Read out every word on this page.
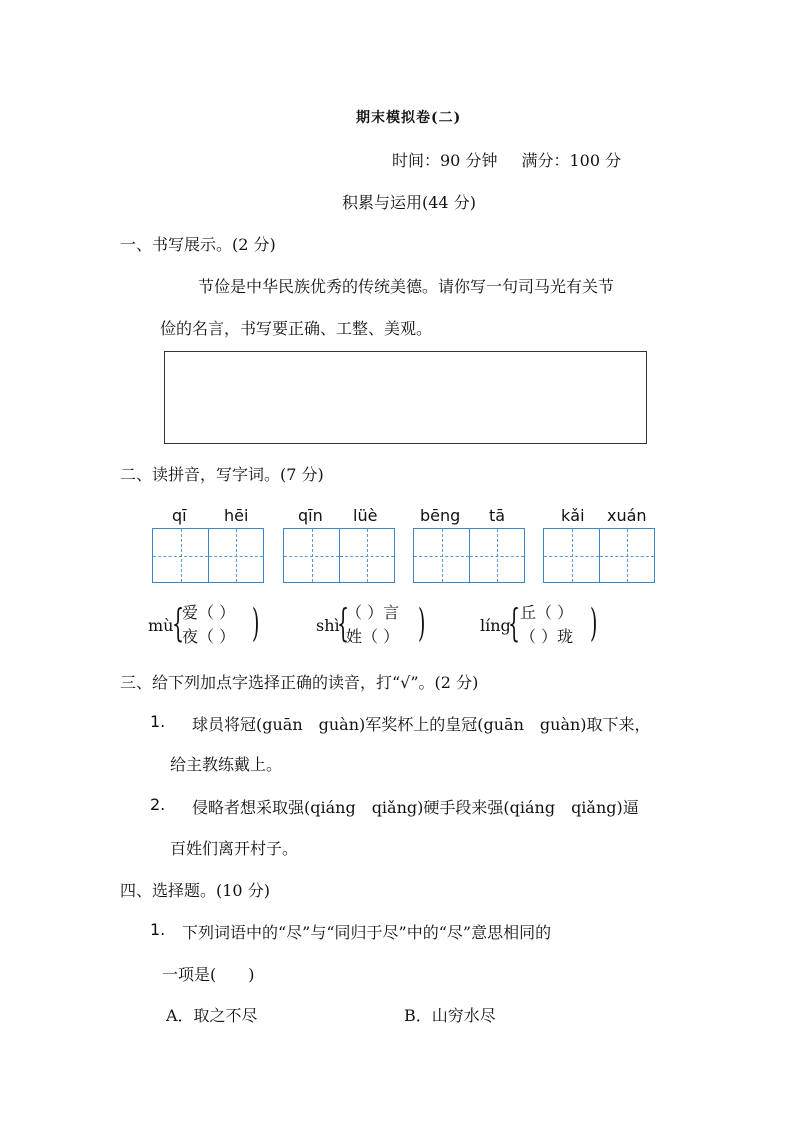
期末模拟卷(二)
时间：90 分钟 满分：100 分
积累与运用(44 分)
一、书写展示。(2 分)
节俭是中华民族优秀的传统美德。请你写一句司马光有关节
俭的名言，书写要正确、工整、美观。
二、读拼音，写字词。(7 分)
qī hēi	qīn lüè	bēng tā	kǎi xuán
mù
{
爱（ ）
夜（ ） )	shì
{
（ ）言
姓（ ） )	líng
{ 丘（ ）
（ ）珑 )
三、给下列加点字选择正确的读音，打“√”。(2 分)
1. 球员将冠(guān　guàn)军奖杯上的皇冠(guān　guàn)取下来，
给主教练戴上。
2. 侵略者想采取强(qiáng　qiǎng)硬手段来强(qiáng　qiǎng)逼
百姓们离开村子。
四、选择题。(10 分)
1. 下列词语中的“尽”与“同归于尽”中的“尽”意思相同的
一项是(　　)
A．取之不尽	B．山穷水尽
